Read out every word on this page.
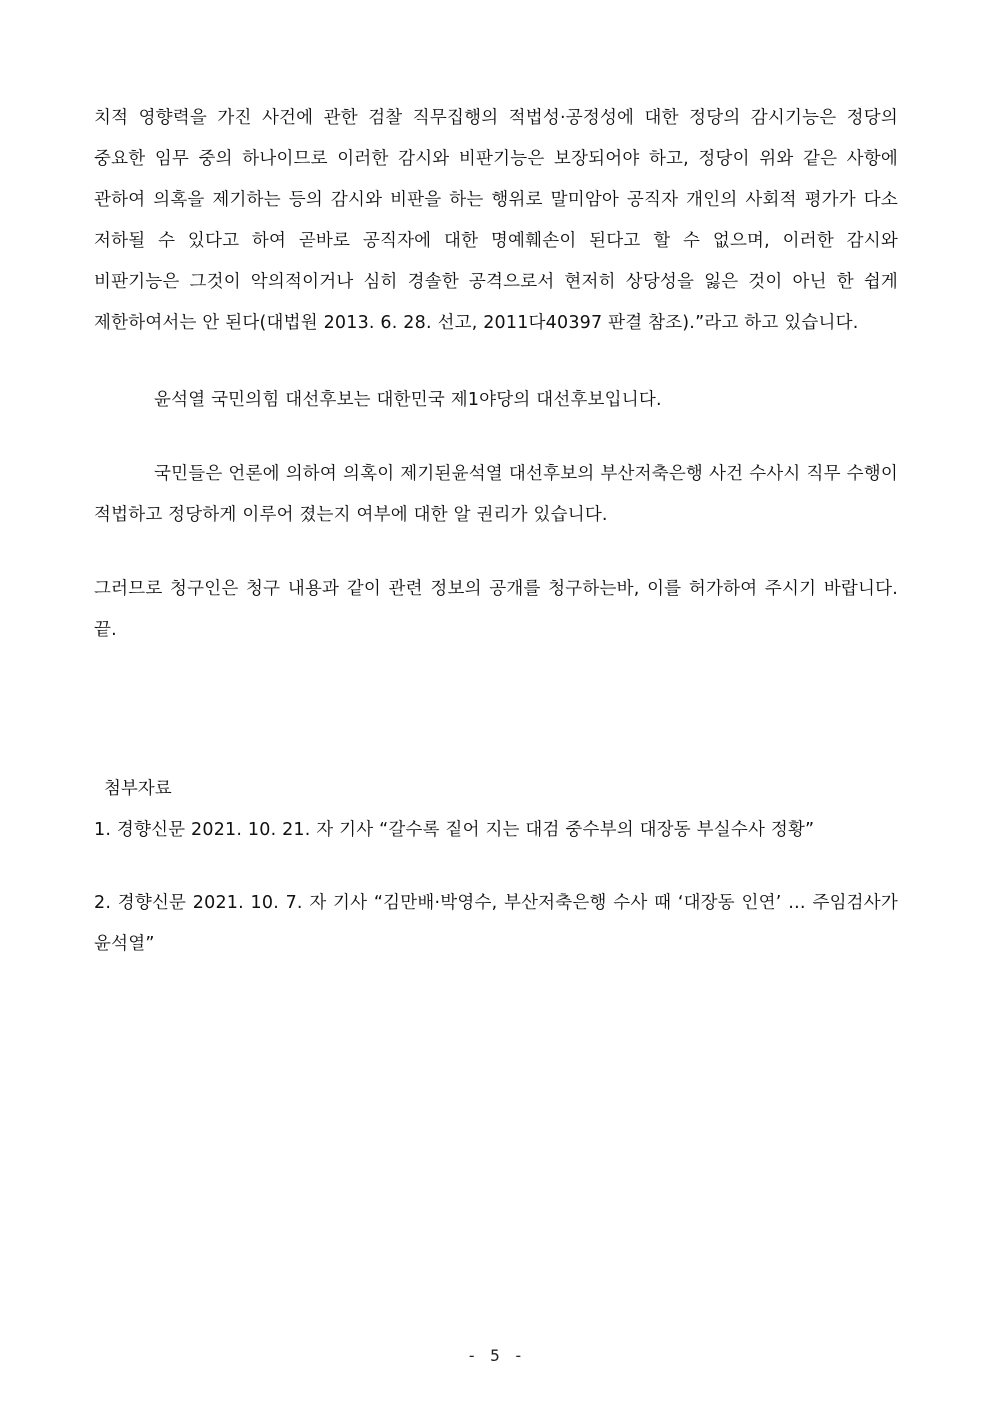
치적 영향력을 가진 사건에 관한 검찰 직무집행의 적법성·공정성에 대한 정당의 감시기능은 정당의 중요한 임무 중의 하나이므로 이러한 감시와 비판기능은 보장되어야 하고, 정당이 위와 같은 사항에 관하여 의혹을 제기하는 등의 감시와 비판을 하는 행위로 말미암아 공직자 개인의 사회적 평가가 다소 저하될 수 있다고 하여 곧바로 공직자에 대한 명예훼손이 된다고 할 수 없으며, 이러한 감시와 비판기능은 그것이 악의적이거나 심히 경솔한 공격으로서 현저히 상당성을 잃은 것이 아닌 한 쉽게 제한하여서는 안 된다(대법원 2013. 6. 28. 선고, 2011다40397 판결 참조).”라고 하고 있습니다.

윤석열 국민의힘 대선후보는 대한민국 제1야당의 대선후보입니다.

국민들은 언론에 의하여 의혹이 제기된윤석열 대선후보의 부산저축은행 사건 수사시 직무 수행이 적법하고 정당하게 이루어 졌는지 여부에 대한 알 권리가 있습니다.

그러므로 청구인은 청구 내용과 같이 관련 정보의 공개를 청구하는바, 이를 허가하여 주시기 바랍니다. 끝.

첨부자료

1. 경향신문 2021. 10. 21. 자 기사 “갈수록 짙어 지는 대검 중수부의 대장동 부실수사 정황”

2. 경향신문 2021. 10. 7. 자 기사 “김만배·박영수, 부산저축은행 수사 때 ‘대장동 인연’ … 주임검사가 윤석열”

- 5 -
